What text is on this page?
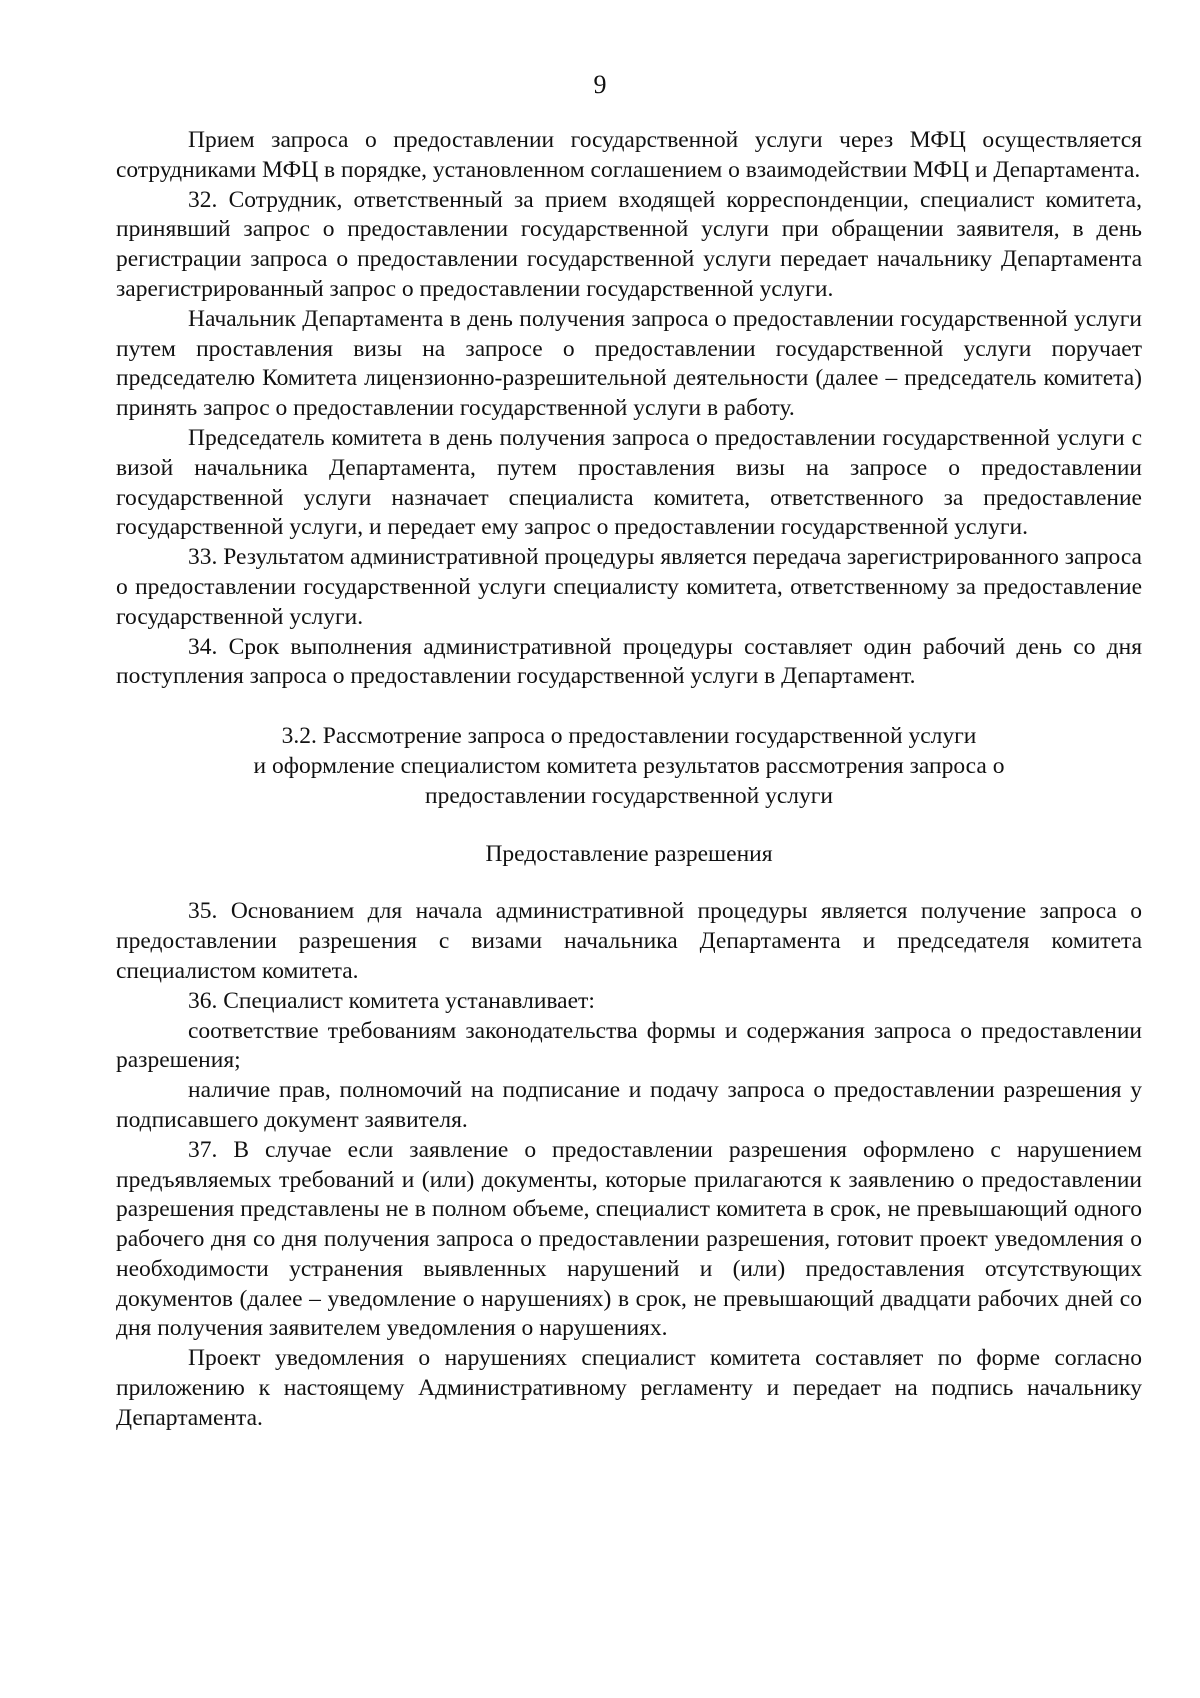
9

Прием запроса о предоставлении государственной услуги через МФЦ осуществляется сотрудниками МФЦ в порядке, установленном соглашением о взаимодействии МФЦ и Департамента.

32. Сотрудник, ответственный за прием входящей корреспонденции, специалист комитета, принявший запрос о предоставлении государственной услуги при обращении заявителя, в день регистрации запроса о предоставлении государственной услуги передает начальнику Департамента зарегистрированный запрос о предоставлении государственной услуги.

Начальник Департамента в день получения запроса о предоставлении государственной услуги путем проставления визы на запросе о предоставлении государственной услуги поручает председателю Комитета лицензионно-разрешительной деятельности (далее – председатель комитета) принять запрос о предоставлении государственной услуги в работу.

Председатель комитета в день получения запроса о предоставлении государственной услуги с визой начальника Департамента, путем проставления визы на запросе о предоставлении государственной услуги назначает специалиста комитета, ответственного за предоставление государственной услуги, и передает ему запрос о предоставлении государственной услуги.

33. Результатом административной процедуры является передача зарегистрированного запроса о предоставлении государственной услуги специалисту комитета, ответственному за предоставление государственной услуги.

34. Срок выполнения административной процедуры составляет один рабочий день со дня поступления запроса о предоставлении государственной услуги в Департамент.

3.2. Рассмотрение запроса о предоставлении государственной услуги

и оформление специалистом комитета результатов рассмотрения запроса о

предоставлении государственной услуги

Предоставление разрешения

35. Основанием для начала административной процедуры является получение запроса о предоставлении разрешения с визами начальника Департамента и председателя комитета специалистом комитета.

36. Специалист комитета устанавливает:

соответствие требованиям законодательства формы и содержания запроса о предоставлении разрешения;

наличие прав, полномочий на подписание и подачу запроса о предоставлении разрешения у подписавшего документ заявителя.

37. В случае если заявление о предоставлении разрешения оформлено с нарушением предъявляемых требований и (или) документы, которые прилагаются к заявлению о предоставлении разрешения представлены не в полном объеме, специалист комитета в срок, не превышающий одного рабочего дня со дня получения запроса о предоставлении разрешения, готовит проект уведомления о необходимости устранения выявленных нарушений и (или) предоставления отсутствующих документов (далее – уведомление о нарушениях) в срок, не превышающий двадцати рабочих дней со дня получения заявителем уведомления о нарушениях.

Проект уведомления о нарушениях специалист комитета составляет по форме согласно приложению к настоящему Административному регламенту и передает на подпись начальнику Департамента.
